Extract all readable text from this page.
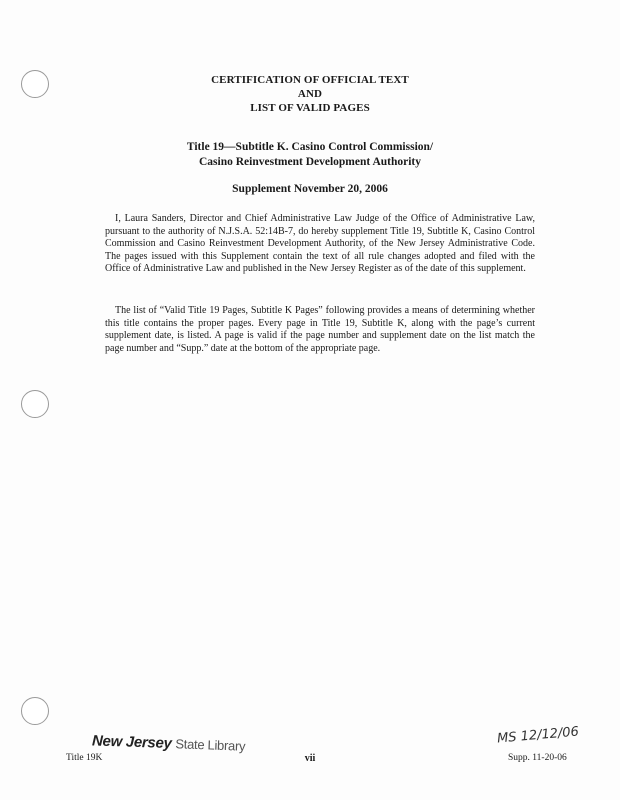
CERTIFICATION OF OFFICIAL TEXT
AND
LIST OF VALID PAGES
Title 19—Subtitle K. Casino Control Commission/
Casino Reinvestment Development Authority
Supplement November 20, 2006

I, Laura Sanders, Director and Chief Administrative Law Judge of the Office of Administrative Law, pursuant to the authority of N.J.S.A. 52:14B-7, do hereby supplement Title 19, Subtitle K, Casino Control Commission and Casino Reinvestment Development Authority, of the New Jersey Administrative Code. The pages issued with this Supplement contain the text of all rule changes adopted and filed with the Office of Administrative Law and published in the New Jersey Register as of the date of this supplement.

The list of “Valid Title 19 Pages, Subtitle K Pages” following provides a means of determining whether this title contains the proper pages. Every page in Title 19, Subtitle K, along with the page’s current supplement date, is listed. A page is valid if the page number and supplement date on the list match the page number and “Supp.” date at the bottom of the appropriate page.

Title 19K
New Jersey State Library
vii
MS 12/12/06
Supp. 11-20-06
